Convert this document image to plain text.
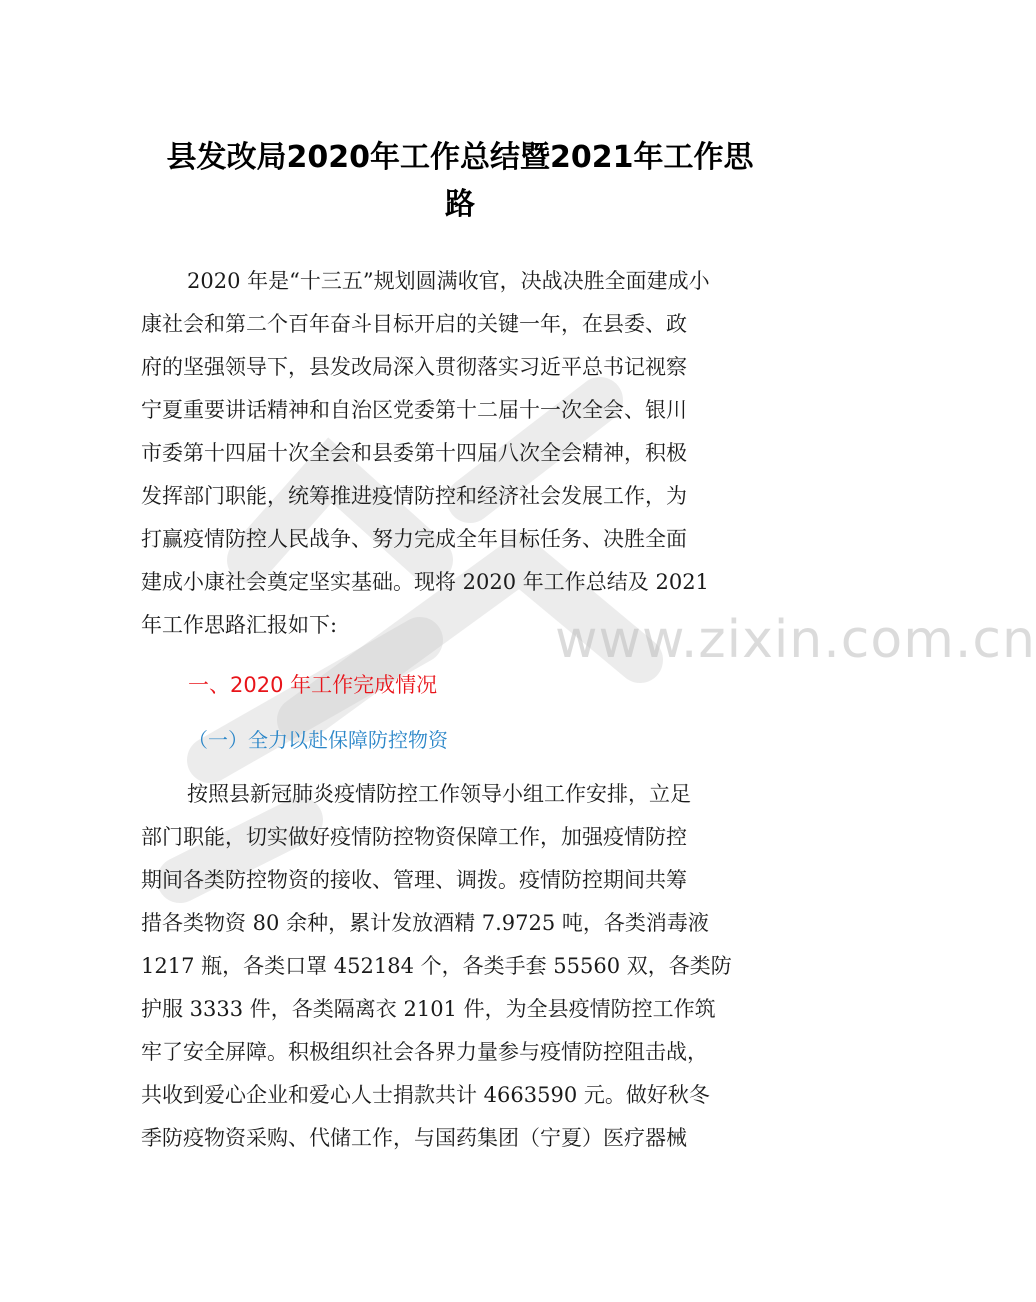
www.zixin.com.cn
县发改局2020年工作总结暨2021年工作思
路
2020 年是“十三五”规划圆满收官，决战决胜全面建成小
康社会和第二个百年奋斗目标开启的关键一年，在县委、政
府的坚强领导下，县发改局深入贯彻落实习近平总书记视察
宁夏重要讲话精神和自治区党委第十二届十一次全会、银川
市委第十四届十次全会和县委第十四届八次全会精神，积极
发挥部门职能，统筹推进疫情防控和经济社会发展工作，为
打赢疫情防控人民战争、努力完成全年目标任务、决胜全面
建成小康社会奠定坚实基础。现将 2020 年工作总结及 2021
年工作思路汇报如下:
一、2020 年工作完成情况
（一）全力以赴保障防控物资
按照县新冠肺炎疫情防控工作领导小组工作安排，立足
部门职能，切实做好疫情防控物资保障工作，加强疫情防控
期间各类防控物资的接收、管理、调拨。疫情防控期间共筹
措各类物资 80 余种，累计发放酒精 7.9725 吨，各类消毒液
1217 瓶，各类口罩 452184 个，各类手套 55560 双，各类防
护服 3333 件，各类隔离衣 2101 件，为全县疫情防控工作筑
牢了安全屏障。积极组织社会各界力量参与疫情防控阻击战，
共收到爱心企业和爱心人士捐款共计 4663590 元。做好秋冬
季防疫物资采购、代储工作，与国药集团（宁夏）医疗器械
